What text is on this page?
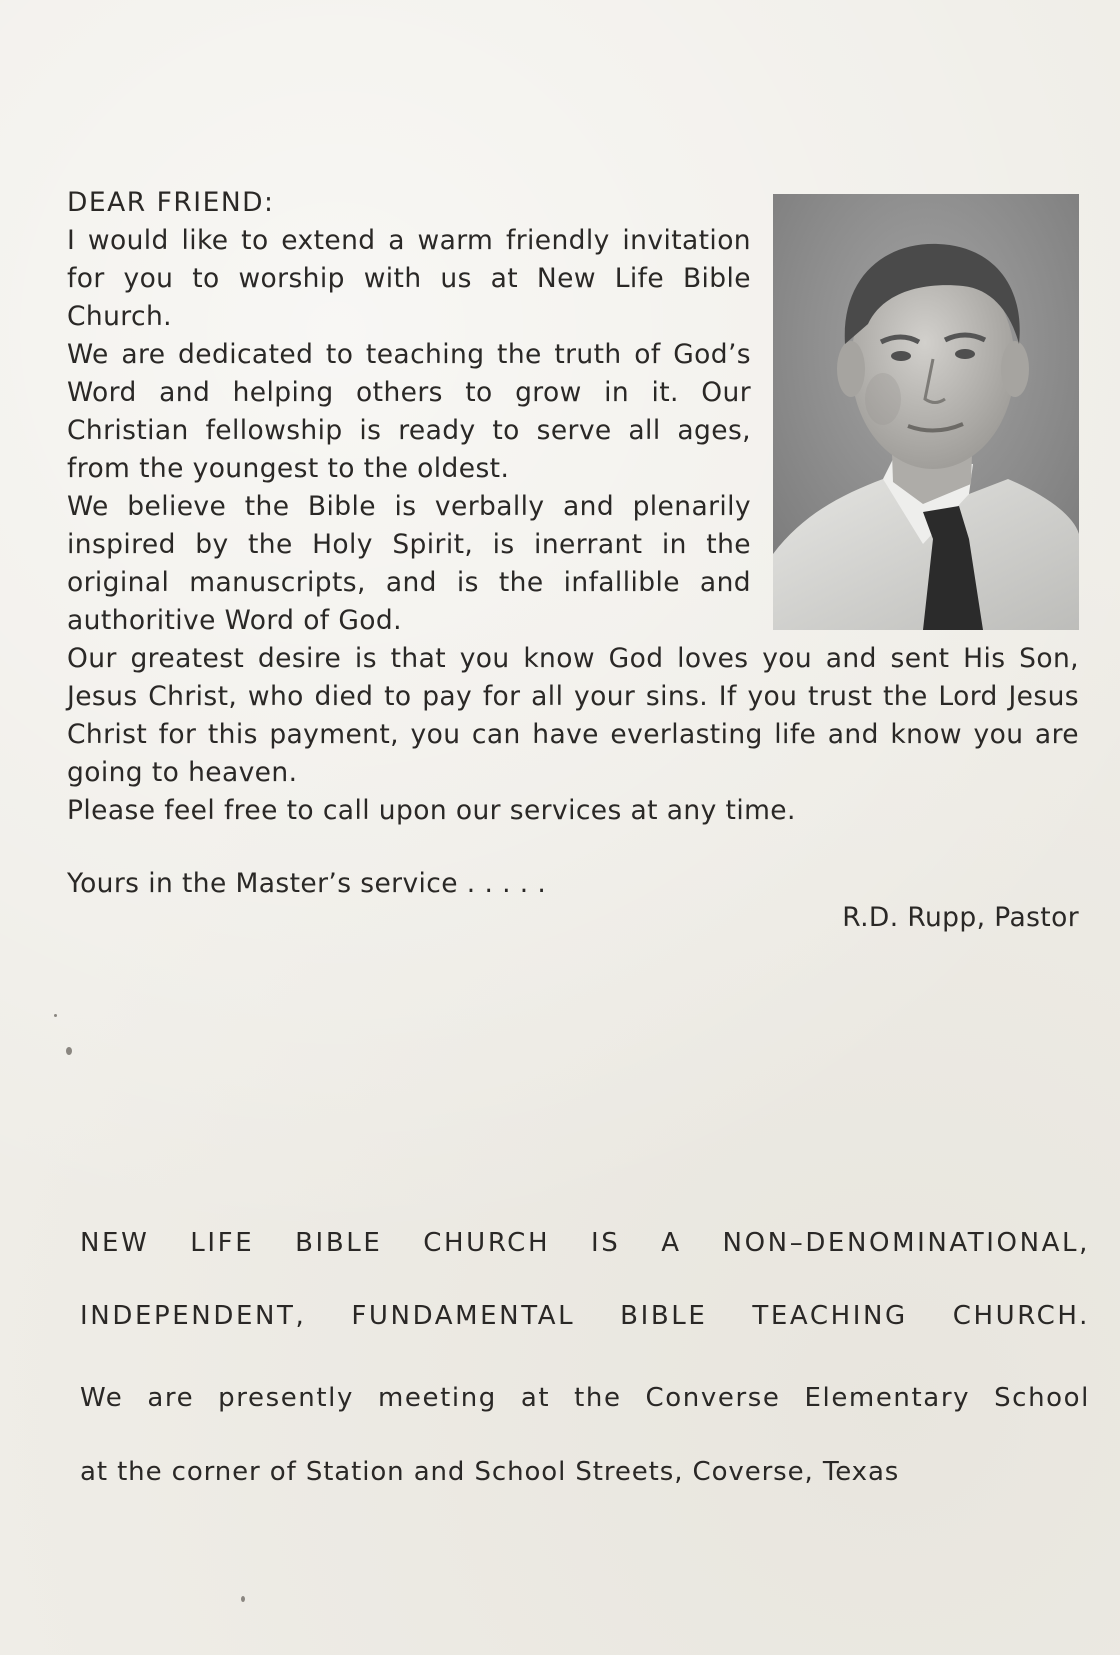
DEAR FRIEND:

I would like to extend a warm friendly invitation for you to worship with us at New Life Bible Church.

We are dedicated to teaching the truth of God’s Word and helping others to grow in it. Our Christian fellowship is ready to serve all ages, from the youngest to the oldest.

We believe the Bible is verbally and plenarily inspired by the Holy Spirit, is inerrant in the original manuscripts, and is the infallible and authoritive Word of God.

Our greatest desire is that you know God loves you and sent His Son, Jesus Christ, who died to pay for all your sins. If you trust the Lord Jesus Christ for this payment, you can have everlasting life and know you are going to heaven.

Please feel free to call upon our services at any time.

Yours in the Master’s service . . . . .
R.D. Rupp, Pastor
NEW LIFE BIBLE CHURCH IS A NON–DENOMINATIONAL,
INDEPENDENT, FUNDAMENTAL BIBLE TEACHING CHURCH.
We are presently meeting at the Converse Elementary School
at the corner of Station and School Streets, Coverse, Texas
